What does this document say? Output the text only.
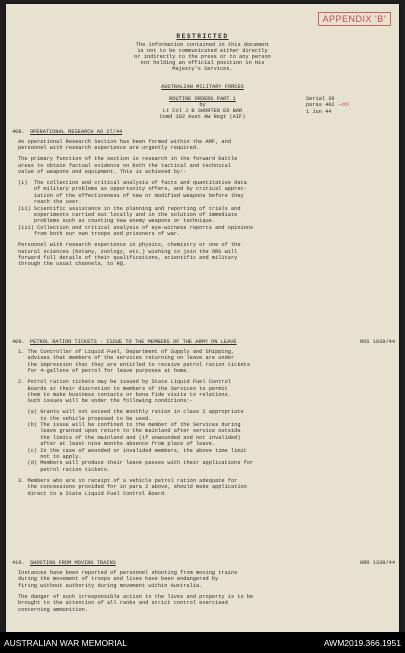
APPENDIX 'B'
RESTRICTED
The information contained in this document
is not to be communicated either directly
or indirectly to the press or to any person
not holding an official position in His
Majesty's Services.
AUSTRALIAN MILITARY FORCES
ROUTINE ORDERS PART 1
by
Lt Col J B SHORTEN ED BAR
Comd 102 Aust AW Regt (AIF)
Serial 36
paras 402 -409
1 Jun 44
408. OPERATIONAL RESEARCH AO 27/44
An operational Research Section has been formed within the AMF, and
personnel with research experience are urgently required.
The primary function of the section is research in the forward battle
areas to obtain factual evidence on both the tactical and technical
value of weapons and equipment. This is achieved by:-
(i)  The collection and critical analysis of facts and quantitative data
of military problems as opportunity offers, and by critical apprec-
iation of the effectiveness of new or modified weapons before they
reach the user.
(ii) Scientific assistance in the planning and reporting of trials and
experiments carried out locally and in the solution of immediate
problems such as counting new enemy weapons or technique.
(iii) Collection and critical analysis of eye-witness reports and opinions
from both our own troops and prisoners of war.
Personnel with research experience in physics, chemistry or one of the
natural sciences (botany, zoology, etc.) wishing to join the ORS will
forward full details of their qualifications, scientific and military
through the usual channels, to HQ.
409. PETROL RATION TICKETS - ISSUE TO THE MEMBERS OF THE ARMY ON LEAVE	ROS 1938/44
1. The Controller of Liquid Fuel, Department of Supply and Shipping,
advises that members of the services returning on leave are under
the impression that they are entitled to receive petrol ration tickets
for 4-gallons of petrol for leave purposes at home.
2. Petrol ration tickets may be issued by State Liquid Fuel Control
Boards at their discretion to members of the Services to permit
them to make business contacts or bona fide visits to relations.
Such issues will be under the following conditions:-
(a) Grants will not exceed the monthly ration in class 2 appropriate
to the vehicle proposed to be used.
(b) The issue will be confined to the member of the Services during
leave granted upon return to the mainland after service outside
the limits of the mainland and (if unwounded and not invalided)
after at least nine months absence from place of leave.
(c) In the case of wounded or invalided members, the above time limit
not to apply.
(d) Members will produce their leave passes with their applications for
petrol ration tickets.
3. Members who are in receipt of a vehicle petrol ration adequate for
the concessions provided for in para 2 above, should make application
direct to a State Liquid Fuel Control Board.
410. SHOOTING FROM MOVING TRAINS	GRO 1338/44
Instances have been reported of personnel shooting from moving trains
during the movement of troops and lives have been endangered by
firing without authority during movement within Australia.
The danger of such irresponsible action to the lives and property is to be
brought to the attention of all ranks and strict control exercised
concerning ammunition.
AUSTRALIAN WAR MEMORIAL	AWM2019.366.1951
